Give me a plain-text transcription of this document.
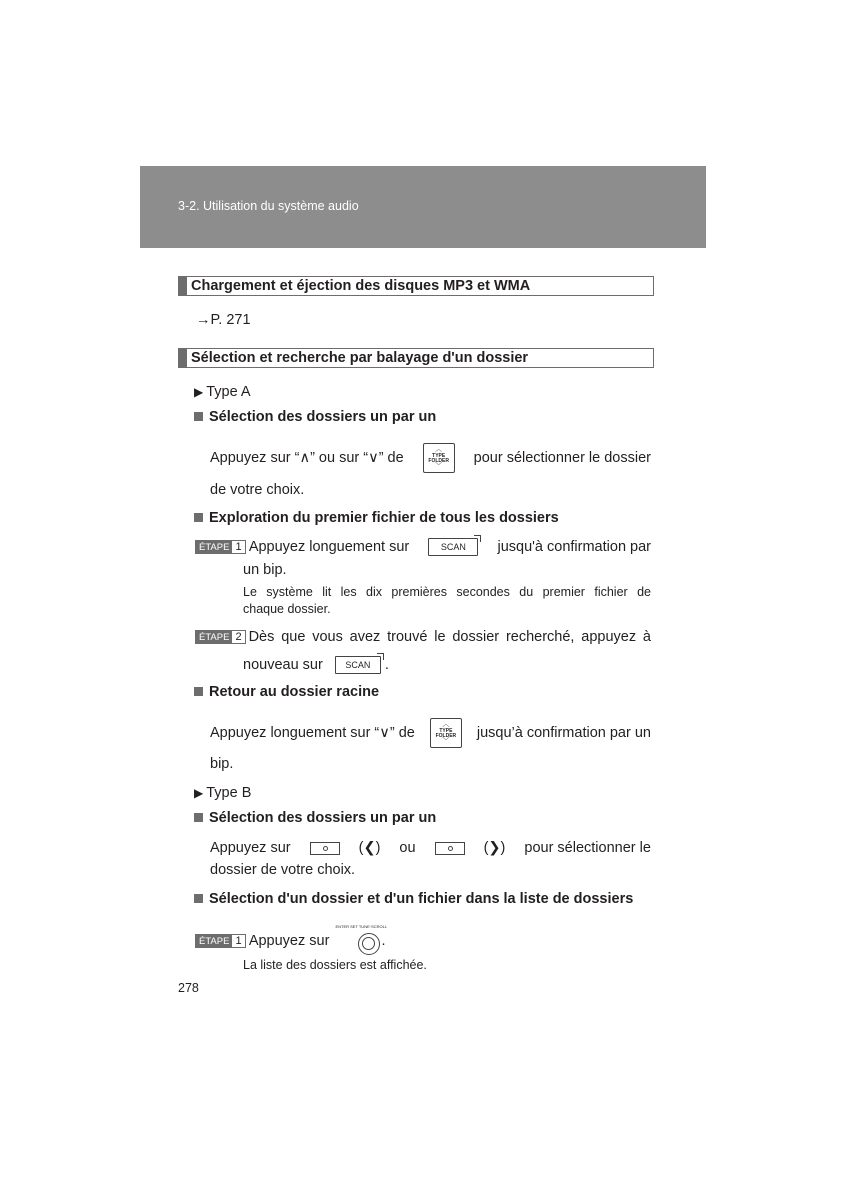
3-2. Utilisation du système audio
Chargement et éjection des disques MP3 et WMA
→P. 271
Sélection et recherche par balayage d'un dossier
▶ Type A
Sélection des dossiers un par un
Appuyez sur “∧” ou sur “∨” de
︿
TYPE
FOLDER
﹀
pour sélectionner le dossier
de votre choix.
Exploration du premier fichier de tous les dossiers
ÉTAPE 1 Appuyez longuement sur	SCAN	jusqu'à confirmation par
un bip.
Le système lit les dix premières secondes du premier fichier de
chaque dossier.
ÉTAPE 2 Dès que vous avez trouvé le dossier recherché, appuyez à
nouveau sur	SCAN .
Retour au dossier racine
Appuyez longuement sur “∨” de
︿
TYPE
FOLDER
﹀
jusqu’à confirmation par un
bip.
▶ Type B
Sélection des dossiers un par un
Appuyez sur	(❮) ou	(❯) pour sélectionner le
dossier de votre choix.
Sélection d'un dossier et d'un fichier dans la liste de dossiers
ÉTAPE 1 Appuyez sur
ENTER SET TUNE·SCROLL
.
La liste des dossiers est affichée.
278
